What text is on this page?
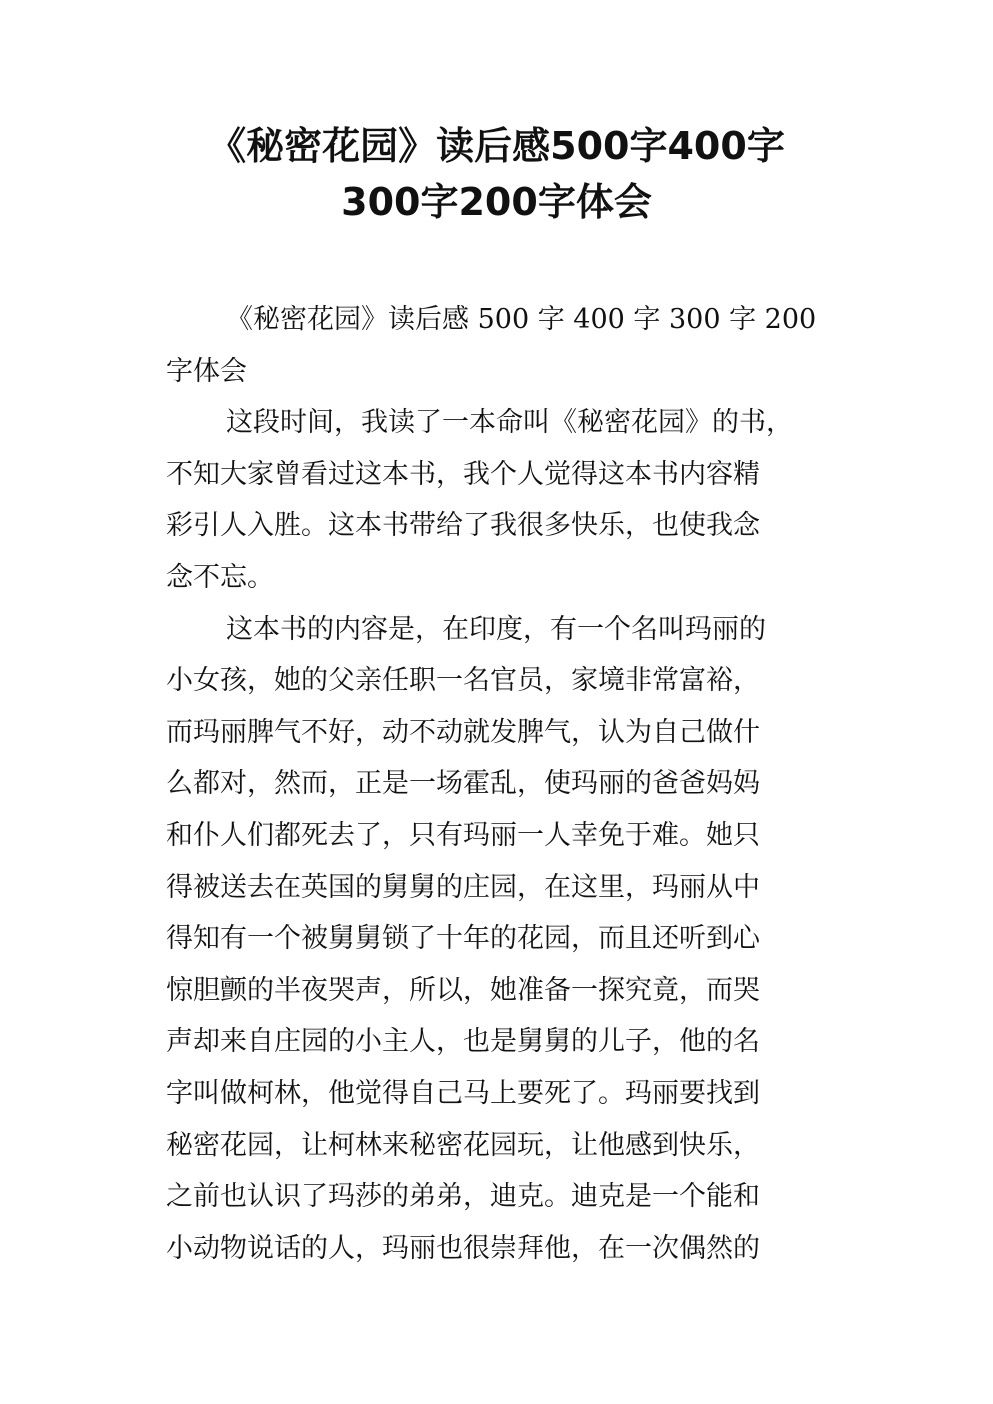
《秘密花园》读后感500字400字
300字200字体会
《秘密花园》读后感 500 字 400 字 300 字 200
字体会
这段时间，我读了一本命叫《秘密花园》的书，
不知大家曾看过这本书，我个人觉得这本书内容精
彩引人入胜。这本书带给了我很多快乐，也使我念
念不忘。
这本书的内容是，在印度，有一个名叫玛丽的
小女孩，她的父亲任职一名官员，家境非常富裕，
而玛丽脾气不好，动不动就发脾气，认为自己做什
么都对，然而，正是一场霍乱，使玛丽的爸爸妈妈
和仆人们都死去了，只有玛丽一人幸免于难。她只
得被送去在英国的舅舅的庄园，在这里，玛丽从中
得知有一个被舅舅锁了十年的花园，而且还听到心
惊胆颤的半夜哭声，所以，她准备一探究竟，而哭
声却来自庄园的小主人，也是舅舅的儿子，他的名
字叫做柯林，他觉得自己马上要死了。玛丽要找到
秘密花园，让柯林来秘密花园玩，让他感到快乐，
之前也认识了玛莎的弟弟，迪克。迪克是一个能和
小动物说话的人，玛丽也很崇拜他，在一次偶然的
